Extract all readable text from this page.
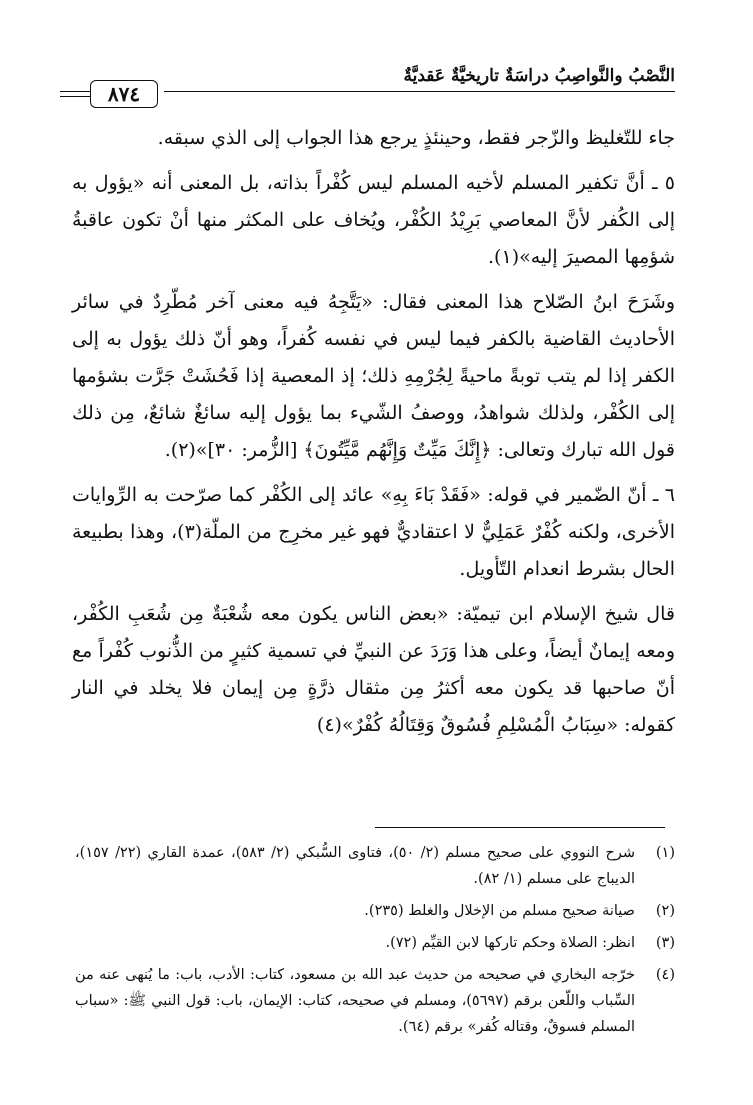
النَّصْبُ والنَّواصِبُ دراسَةٌ تاريخيَّةٌ عَقديَّةٌ
٨٧٤

جاء للتّغليظ والزّجر فقط، وحينئذٍ يرجع هذا الجواب إلى الذي سبقه.

٥ ـ أنَّ تكفير المسلم لأخيه المسلم ليس كُفْراً بذاته، بل المعنى أنه «يؤول به إلى الكُفر لأنَّ المعاصي بَرِيْدُ الكُفْر، ويُخاف على المكثر منها أنْ تكون عاقبةُ شؤمِها المصيرَ إليه»(١).

وشَرَحَ ابنُ الصّلاح هذا المعنى فقال: «يَتَّجِهُ فيه معنى آخر مُطّرِدٌ في سائر الأحاديث القاضية بالكفر فيما ليس في نفسه كُفراً، وهو أنّ ذلك يؤول به إلى الكفر إذا لم يتب توبةً ماحيةً لِجُرْمِهِ ذلك؛ إذ المعصية إذا فَحُشَتْ جَرَّت بشؤمها إلى الكُفْر، ولذلك شواهدُ، ووصفُ الشّيء بما يؤول إليه سائغٌ شائعٌ، مِن ذلك قول الله تبارك وتعالى: ﴿إِنَّكَ مَيِّتٌ وَإِنَّهُم مَّيِّتُونَ﴾ [الزُّمر: ٣٠]»(٢).

٦ ـ أنّ الضّمير في قوله: «فَقَدْ بَاءَ بِهِ» عائد إلى الكُفْر كما صرّحت به الرِّوايات الأخرى، ولكنه كُفْرٌ عَمَلِيٌّ لا اعتقاديٌّ فهو غير مخرِج من الملّة(٣)، وهذا بطبيعة الحال بشرط انعدام التّأويل.

قال شيخ الإسلام ابن تيميّة: «بعض الناس يكون معه شُعْبَةٌ مِن شُعَبِ الكُفْر، ومعه إيمانٌ أيضاً، وعلى هذا وَرَدَ عن النبيِّ في تسمية كثيرٍ من الذُّنوب كُفْراً مع أنّ صاحبها قد يكون معه أكثرُ مِن مثقال ذرَّةٍ مِن إيمان فلا يخلد في النار كقوله: «سِبَابُ الْمُسْلِمِ فُسُوقٌ وَقِتَالُهُ كُفْرٌ»(٤)

(١)
شرح النووي على صحيح مسلم (٢/ ٥٠)، فتاوى السُّبكي (٢/ ٥٨٣)، عمدة القاري (٢٢/ ١٥٧)، الديباج على مسلم (١/ ٨٢).
(٢)
صيانة صحيح مسلم من الإخلال والغلط (٢٣٥).
(٣)
انظر: الصلاة وحكم تاركها لابن القيِّم (٧٢).
(٤)
خرّجه البخاري في صحيحه من حديث عبد الله بن مسعود، كتاب: الأدب، باب: ما يُنهى عنه من السِّباب واللّعن برقم (٥٦٩٧)، ومسلم في صحيحه، كتاب: الإيمان، باب: قول النبي ﷺ: «سباب المسلم فسوقٌ، وقتاله كُفر» برقم (٦٤).
